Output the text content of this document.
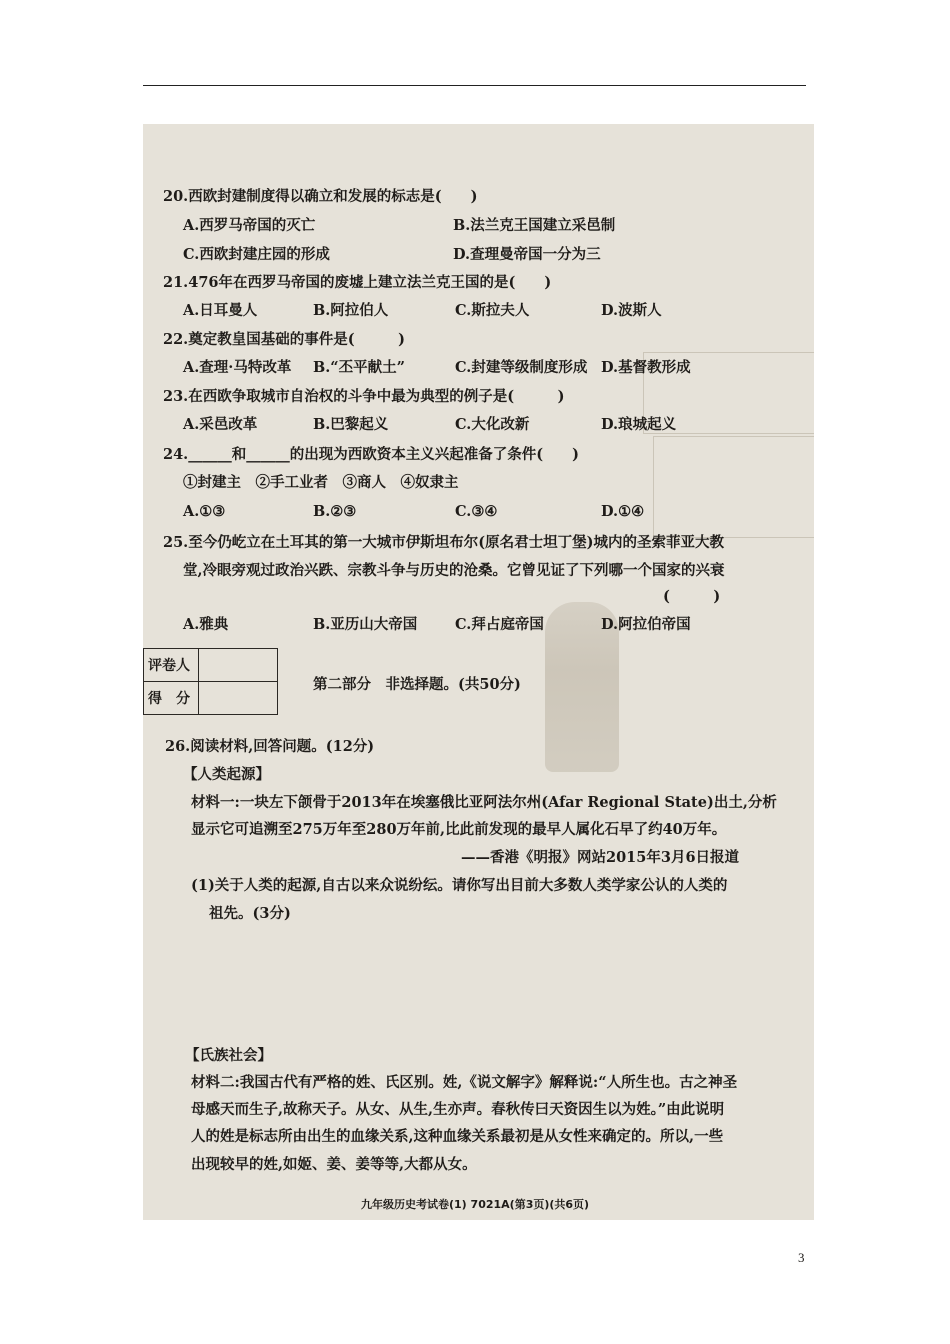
20.西欧封建制度得以确立和发展的标志是(　　)
A.西罗马帝国的灭亡	B.法兰克王国建立采邑制
C.西欧封建庄园的形成	D.查理曼帝国一分为三
21.476年在西罗马帝国的废墟上建立法兰克王国的是(　　)
A.日耳曼人	B.阿拉伯人	C.斯拉夫人	D.波斯人
22.奠定教皇国基础的事件是(　　　)
A.查理·马特改革 B.“丕平献土”	C.封建等级制度形成 D.基督教形成
23.在西欧争取城市自治权的斗争中最为典型的例子是(　　　)
A.采邑改革	B.巴黎起义	C.大化改新	D.琅城起义
24.______和______的出现为西欧资本主义兴起准备了条件(　　)
①封建主　②手工业者　③商人　④奴隶主
A.①③	B.②③	C.③④	D.①④
25.至今仍屹立在土耳其的第一大城市伊斯坦布尔(原名君士坦丁堡)城内的圣索菲亚大教
堂,冷眼旁观过政治兴跌、宗教斗争与历史的沧桑。它曾见证了下列哪一个国家的兴衰
(　　　)
A.雅典	B.亚历山大帝国	C.拜占庭帝国	D.阿拉伯帝国
评卷人	
得　分	
第二部分　非选择题。(共50分)
26.阅读材料,回答问题。(12分)
【人类起源】
材料一:一块左下颌骨于2013年在埃塞俄比亚阿法尔州(Afar Regional State)出土,分析
显示它可追溯至275万年至280万年前,比此前发现的最早人属化石早了约40万年。
——香港《明报》网站2015年3月6日报道
(1)关于人类的起源,自古以来众说纷纭。请你写出目前大多数人类学家公认的人类的
祖先。(3分)
【氏族社会】
材料二:我国古代有严格的姓、氏区别。姓,《说文解字》解释说:“人所生也。古之神圣
母感天而生子,故称天子。从女、从生,生亦声。春秋传曰天资因生以为姓。”由此说明
人的姓是标志所由出生的血缘关系,这种血缘关系最初是从女性来确定的。所以,一些
出现较早的姓,如姬、姜、姜等等,大都从女。
九年级历史考试卷(1) 7021A(第3页)(共6页)
3
